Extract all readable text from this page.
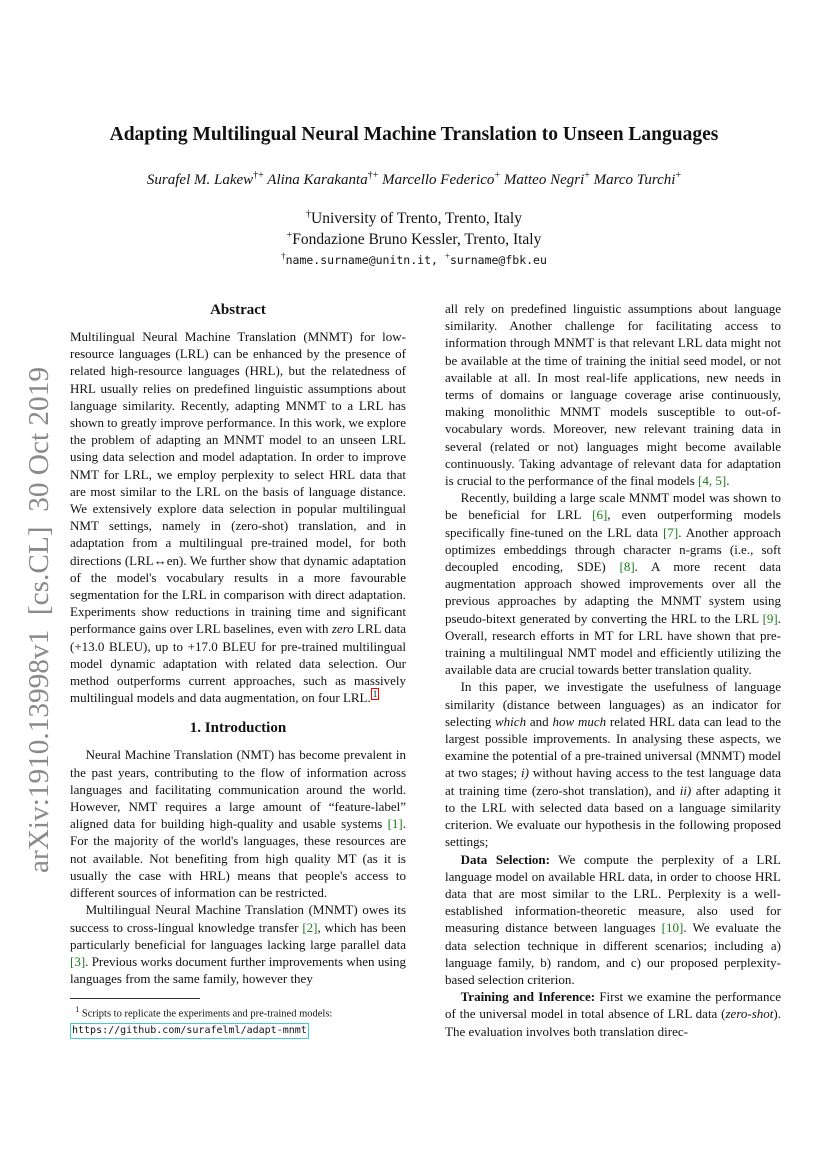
arXiv:1910.13998v1  [cs.CL]  30 Oct 2019
Adapting Multilingual Neural Machine Translation to Unseen Languages
Surafel M. Lakew†+ Alina Karakanta†+ Marcello Federico+ Matteo Negri+ Marco Turchi+
†University of Trento, Trento, Italy
+Fondazione Bruno Kessler, Trento, Italy
†name.surname@unitn.it, +surname@fbk.eu
Abstract

Multilingual Neural Machine Translation (MNMT) for low-resource languages (LRL) can be enhanced by the presence of related high-resource languages (HRL), but the relatedness of HRL usually relies on predefined linguistic assumptions about language similarity. Recently, adapting MNMT to a LRL has shown to greatly improve performance. In this work, we explore the problem of adapting an MNMT model to an unseen LRL using data selection and model adaptation. In order to improve NMT for LRL, we employ perplexity to select HRL data that are most similar to the LRL on the basis of language distance. We extensively explore data selection in popular multilingual NMT settings, namely in (zero-shot) translation, and in adaptation from a multilingual pre-trained model, for both directions (LRL↔en). We further show that dynamic adaptation of the model's vocabulary results in a more favourable segmentation for the LRL in comparison with direct adaptation. Experiments show reductions in training time and significant performance gains over LRL baselines, even with zero LRL data (+13.0 BLEU), up to +17.0 BLEU for pre-trained multilingual model dynamic adaptation with related data selection. Our method outperforms current approaches, such as massively multilingual models and data augmentation, on four LRL. $^1$

1. Introduction

Neural Machine Translation (NMT) has become prevalent in the past years, contributing to the flow of information across languages and facilitating communication around the world. However, NMT requires a large amount of “feature-label” aligned data for building high-quality and usable systems [1]. For the majority of the world's languages, these resources are not available. Not benefiting from high quality MT (as it is usually the case with HRL) means that people's access to different sources of information can be restricted.

Multilingual Neural Machine Translation (MNMT) owes its success to cross-lingual knowledge transfer [2], which has been particularly beneficial for languages lacking large parallel data [3]. Previous works document further improvements when using languages from the same family, however they

$^1$ Scripts to replicate the experiments and pre-trained models:
https://github.com/surafelml/adapt-mnmt

all rely on predefined linguistic assumptions about language similarity. Another challenge for facilitating access to information through MNMT is that relevant LRL data might not be available at the time of training the initial seed model, or not available at all. In most real-life applications, new needs in terms of domains or language coverage arise continuously, making monolithic MNMT models susceptible to out-of-vocabulary words. Moreover, new relevant training data in several (related or not) languages might become available continuously. Taking advantage of relevant data for adaptation is crucial to the performance of the final models [4, 5].

Recently, building a large scale MNMT model was shown to be beneficial for LRL [6], even outperforming models specifically fine-tuned on the LRL data [7]. Another approach optimizes embeddings through character n-grams (i.e., soft decoupled encoding, SDE) [8]. A more recent data augmentation approach showed improvements over all the previous approaches by adapting the MNMT system using pseudo-bitext generated by converting the HRL to the LRL [9]. Overall, research efforts in MT for LRL have shown that pre-training a multilingual NMT model and efficiently utilizing the available data are crucial towards better translation quality.

In this paper, we investigate the usefulness of language similarity (distance between languages) as an indicator for selecting which and how much related HRL data can lead to the largest possible improvements. In analysing these aspects, we examine the potential of a pre-trained universal (MNMT) model at two stages; i) without having access to the test language data at training time (zero-shot translation), and ii) after adapting it to the LRL with selected data based on a language similarity criterion. We evaluate our hypothesis in the following proposed settings;

Data Selection: We compute the perplexity of a LRL language model on available HRL data, in order to choose HRL data that are most similar to the LRL. Perplexity is a well-established information-theoretic measure, also used for measuring distance between languages [10]. We evaluate the data selection technique in different scenarios; including a) language family, b) random, and c) our proposed perplexity-based selection criterion.

Training and Inference: First we examine the performance of the universal model in total absence of LRL data (zero-shot). The evaluation involves both translation direc-
